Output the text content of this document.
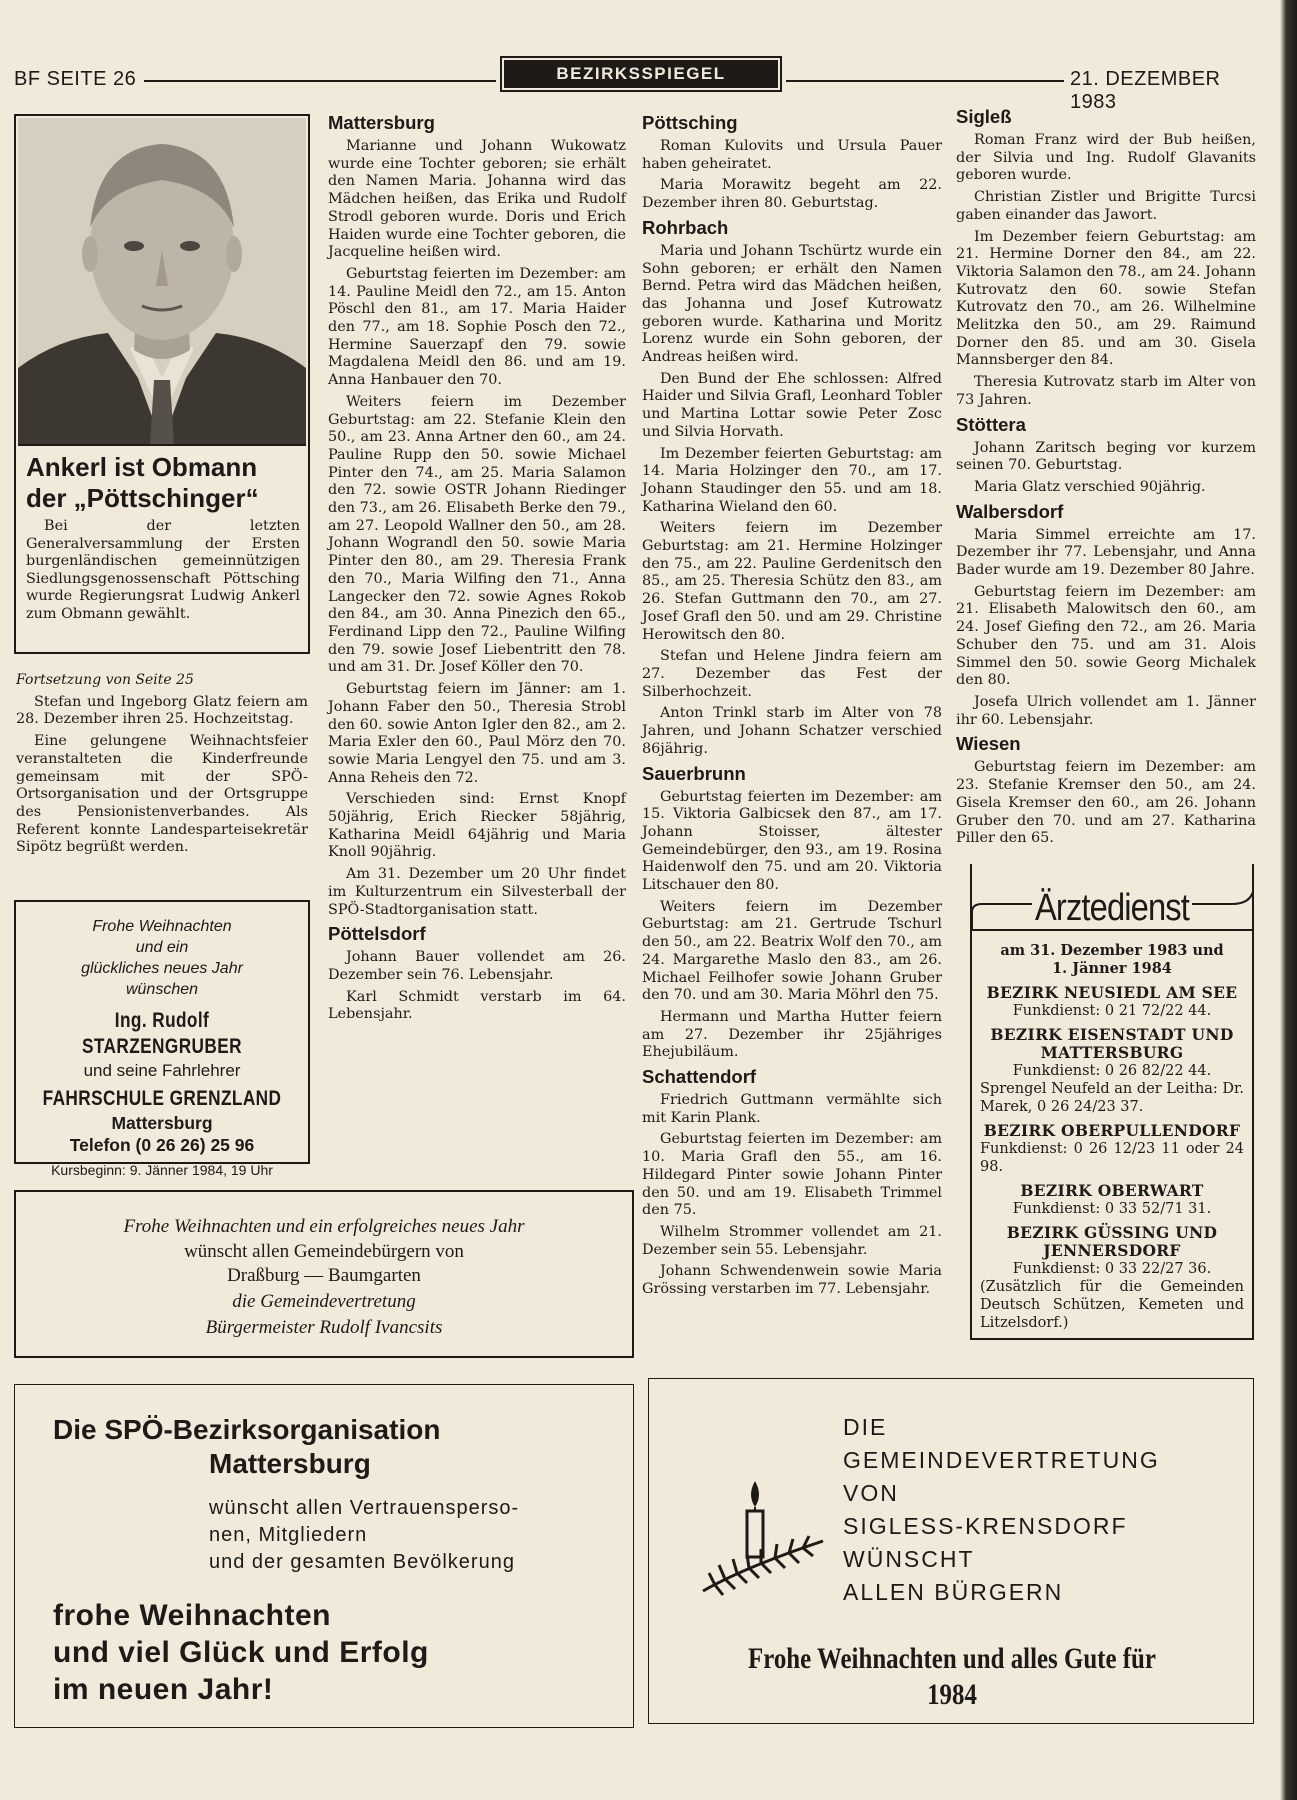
BF SEITE 26	BEZIRKSSPIEGEL	21. DEZEMBER 1983
Ankerl ist Obmann
der „Pöttschinger“
Bei der letzten Generalversammlung der Ersten burgenländischen gemeinnützigen Siedlungsgenossenschaft Pöttsching wurde Regierungsrat Ludwig Ankerl zum Obmann gewählt.
Fortsetzung von Seite 25

Stefan und Ingeborg Glatz feiern am 28. Dezember ihren 25. Hochzeitstag.

Eine gelungene Weihnachtsfeier veranstalteten die Kinderfreunde gemeinsam mit der SPÖ-Ortsorganisation und der Ortsgruppe des Pensionistenverbandes. Als Referent konnte Landesparteisekretär Sipötz begrüßt werden.

Frohe Weihnachten
und ein
glückliches neues Jahr
wünschen
Ing. Rudolf STARZENGRUBER
und seine Fahrlehrer
FAHRSCHULE GRENZLAND
Mattersburg
Telefon (0 26 26) 25 96
Kursbeginn: 9. Jänner 1984, 19 Uhr
Mattersburg

Marianne und Johann Wukowatz wurde eine Tochter geboren; sie erhält den Namen Maria. Johanna wird das Mädchen heißen, das Erika und Rudolf Strodl geboren wurde. Doris und Erich Haiden wurde eine Tochter geboren, die Jacqueline heißen wird.

Geburtstag feierten im Dezember: am 14. Pauline Meidl den 72., am 15. Anton Pöschl den 81., am 17. Maria Haider den 77., am 18. Sophie Posch den 72., Hermine Sauerzapf den 79. sowie Magdalena Meidl den 86. und am 19. Anna Hanbauer den 70.

Weiters feiern im Dezember Geburtstag: am 22. Stefanie Klein den 50., am 23. Anna Artner den 60., am 24. Pauline Rupp den 50. sowie Michael Pinter den 74., am 25. Maria Salamon den 72. sowie OSTR Johann Riedinger den 73., am 26. Elisabeth Berke den 79., am 27. Leopold Wallner den 50., am 28. Johann Wograndl den 50. sowie Maria Pinter den 80., am 29. Theresia Frank den 70., Maria Wilfing den 71., Anna Langecker den 72. sowie Agnes Rokob den 84., am 30. Anna Pinezich den 65., Ferdinand Lipp den 72., Pauline Wilfing den 79. sowie Josef Liebentritt den 78. und am 31. Dr. Josef Köller den 70.

Geburtstag feiern im Jänner: am 1. Johann Faber den 50., Theresia Strobl den 60. sowie Anton Igler den 82., am 2. Maria Exler den 60., Paul Mörz den 70. sowie Maria Lengyel den 75. und am 3. Anna Reheis den 72.

Verschieden sind: Ernst Knopf 50jährig, Erich Riecker 58jährig, Katharina Meidl 64jährig und Maria Knoll 90jährig.

Am 31. Dezember um 20 Uhr findet im Kulturzentrum ein Silvesterball der SPÖ-Stadtorganisation statt.

Pöttelsdorf

Johann Bauer vollendet am 26. Dezember sein 76. Lebensjahr.

Karl Schmidt verstarb im 64. Lebensjahr.

Pöttsching

Roman Kulovits und Ursula Pauer haben geheiratet.

Maria Morawitz begeht am 22. Dezember ihren 80. Geburtstag.

Rohrbach

Maria und Johann Tschürtz wurde ein Sohn geboren; er erhält den Namen Bernd. Petra wird das Mädchen heißen, das Johanna und Josef Kutrowatz geboren wurde. Katharina und Moritz Lorenz wurde ein Sohn geboren, der Andreas heißen wird.

Den Bund der Ehe schlossen: Alfred Haider und Silvia Grafl, Leonhard Tobler und Martina Lottar sowie Peter Zosc und Silvia Horvath.

Im Dezember feierten Geburtstag: am 14. Maria Holzinger den 70., am 17. Johann Staudinger den 55. und am 18. Katharina Wieland den 60.

Weiters feiern im Dezember Geburtstag: am 21. Hermine Holzinger den 75., am 22. Pauline Gerdenitsch den 85., am 25. Theresia Schütz den 83., am 26. Stefan Guttmann den 70., am 27. Josef Grafl den 50. und am 29. Christine Herowitsch den 80.

Stefan und Helene Jindra feiern am 27. Dezember das Fest der Silberhochzeit.

Anton Trinkl starb im Alter von 78 Jahren, und Johann Schatzer verschied 86jährig.

Sauerbrunn

Geburtstag feierten im Dezember: am 15. Viktoria Galbicsek den 87., am 17. Johann Stoisser, ältester Gemeindebürger, den 93., am 19. Rosina Haidenwolf den 75. und am 20. Viktoria Litschauer den 80.

Weiters feiern im Dezember Geburtstag: am 21. Gertrude Tschurl den 50., am 22. Beatrix Wolf den 70., am 24. Margarethe Maslo den 83., am 26. Michael Feilhofer sowie Johann Gruber den 70. und am 30. Maria Möhrl den 75.

Hermann und Martha Hutter feiern am 27. Dezember ihr 25jähriges Ehejubiläum.

Schattendorf

Friedrich Guttmann vermählte sich mit Karin Plank.

Geburtstag feierten im Dezember: am 10. Maria Grafl den 55., am 16. Hildegard Pinter sowie Johann Pinter den 50. und am 19. Elisabeth Trimmel den 75.

Wilhelm Strommer vollendet am 21. Dezember sein 55. Lebensjahr.

Johann Schwendenwein sowie Maria Grössing verstarben im 77. Lebensjahr.

Sigleß

Roman Franz wird der Bub heißen, der Silvia und Ing. Rudolf Glavanits geboren wurde.

Christian Zistler und Brigitte Turcsi gaben einander das Jawort.

Im Dezember feiern Geburtstag: am 21. Hermine Dorner den 84., am 22. Viktoria Salamon den 78., am 24. Johann Kutrovatz den 60. sowie Stefan Kutrovatz den 70., am 26. Wilhelmine Melitzka den 50., am 29. Raimund Dorner den 85. und am 30. Gisela Mannsberger den 84.

Theresia Kutrovatz starb im Alter von 73 Jahren.

Stöttera

Johann Zaritsch beging vor kurzem seinen 70. Geburtstag.

Maria Glatz verschied 90jährig.

Walbersdorf

Maria Simmel erreichte am 17. Dezember ihr 77. Lebensjahr, und Anna Bader wurde am 19. Dezember 80 Jahre.

Geburtstag feiern im Dezember: am 21. Elisabeth Malowitsch den 60., am 24. Josef Giefing den 72., am 26. Maria Schuber den 75. und am 31. Alois Simmel den 50. sowie Georg Michalek den 80.

Josefa Ulrich vollendet am 1. Jänner ihr 60. Lebensjahr.

Wiesen

Geburtstag feiern im Dezember: am 23. Stefanie Kremser den 50., am 24. Gisela Kremser den 60., am 26. Johann Gruber den 70. und am 27. Katharina Piller den 65.

Ärztedienst
am 31. Dezember 1983 und
1. Jänner 1984
BEZIRK NEUSIEDL AM SEE
Funkdienst: 0 21 72/22 44.
BEZIRK EISENSTADT UND
MATTERSBURG
Funkdienst: 0 26 82/22 44.
Sprengel Neufeld an der Leitha: Dr. Marek, 0 26 24/23 37.
BEZIRK OBERPULLENDORF
Funkdienst: 0 26 12/23 11 oder 24 98.
BEZIRK OBERWART
Funkdienst: 0 33 52/71 31.
BEZIRK GÜSSING UND
JENNERSDORF
Funkdienst: 0 33 22/27 36.
(Zusätzlich für die Gemeinden Deutsch Schützen, Kemeten und Litzelsdorf.)
Frohe Weihnachten und ein erfolgreiches neues Jahr
wünscht allen Gemeindebürgern von
Draßburg — Baumgarten
die Gemeindevertretung
Bürgermeister Rudolf Ivancsits
Die SPÖ-Bezirksorganisation
Mattersburg
wünscht allen Vertrauensperso-
nen, Mitgliedern
und der gesamten Bevölkerung
frohe Weihnachten
und viel Glück und Erfolg
im neuen Jahr!
DIE
GEMEINDEVERTRETUNG
VON
SIGLESS-KRENSDORF
WÜNSCHT
ALLEN BÜRGERN
Frohe Weihnachten und alles Gute für 1984
